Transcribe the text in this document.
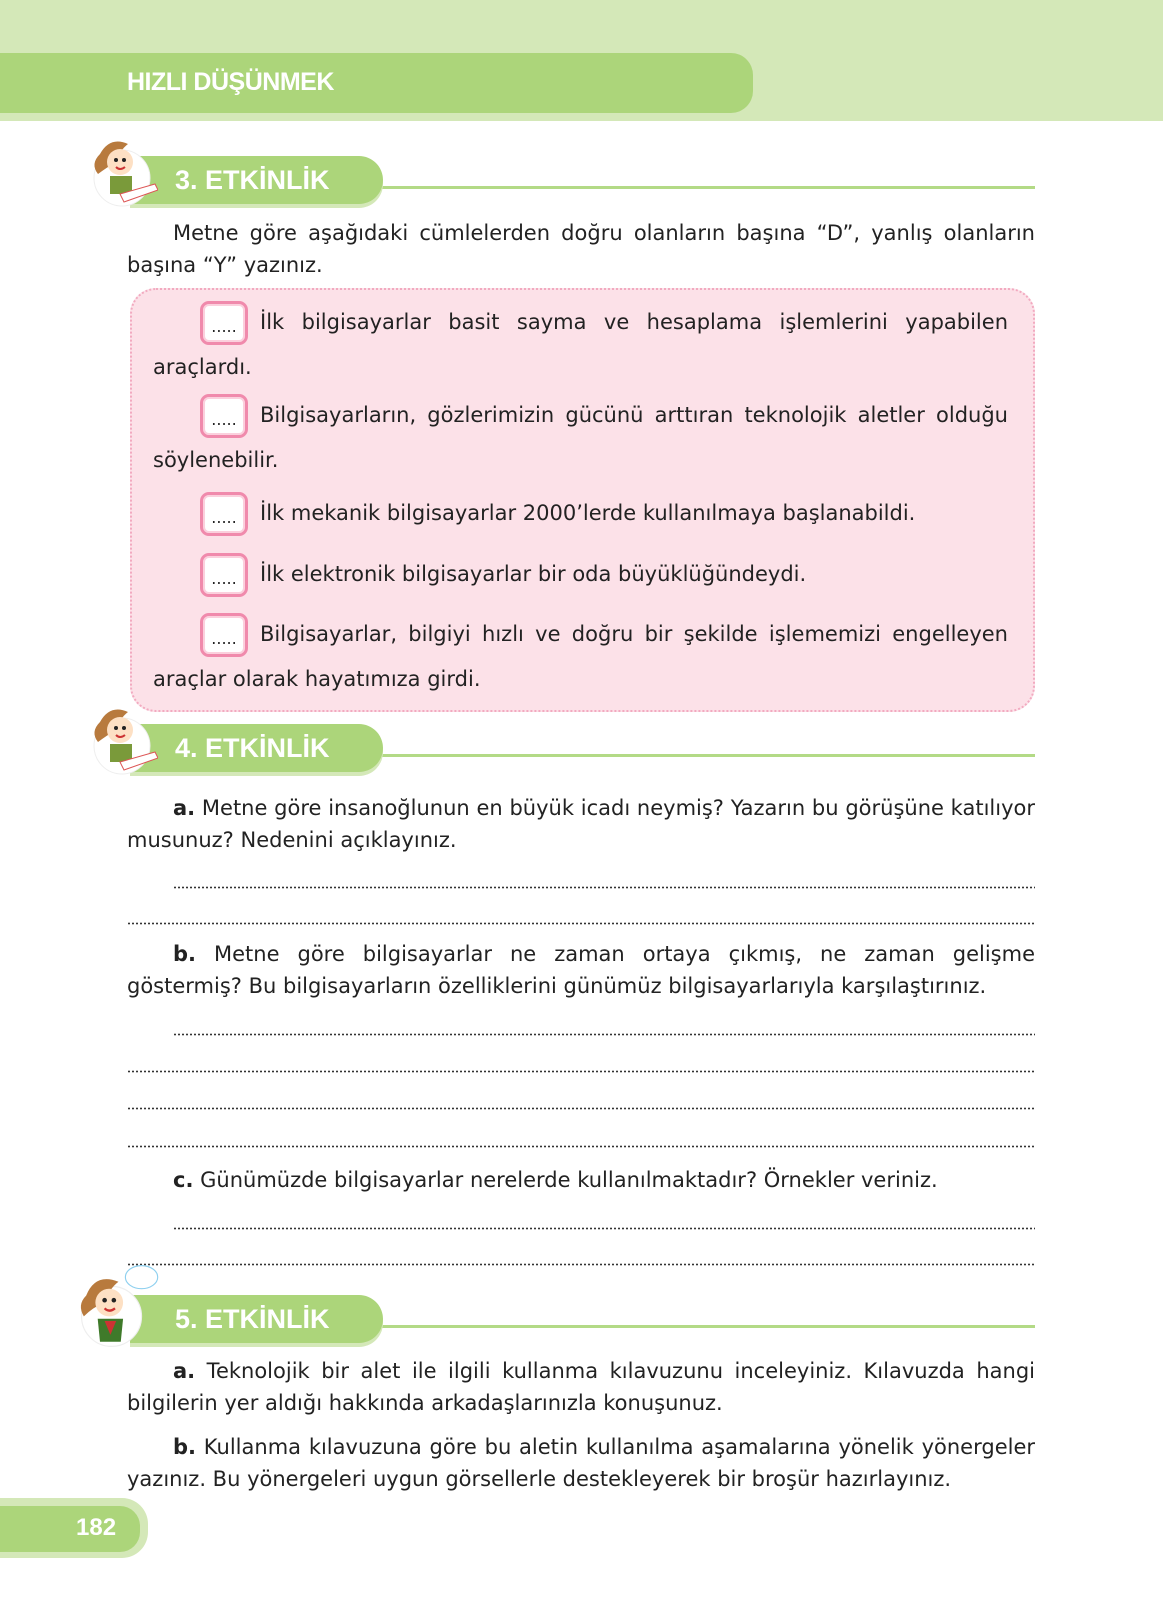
HIZLI DÜŞÜNMEK
3. ETKİNLİK
Metne göre aşağıdaki cümlelerden doğru olanların başına “D”, yanlış olanların başına “Y” yazınız.
..... İlk bilgisayarlar basit sayma ve hesaplama işlemlerini yapabilen araçlardı.
..... Bilgisayarların, gözlerimizin gücünü arttıran teknolojik aletler olduğu söylenebilir.
..... İlk mekanik bilgisayarlar 2000’lerde kullanılmaya başlanabildi.
..... İlk elektronik bilgisayarlar bir oda büyüklüğündeydi.
..... Bilgisayarlar, bilgiyi hızlı ve doğru bir şekilde işlememizi engelleyen araçlar olarak hayatımıza girdi.
4. ETKİNLİK
a. Metne göre insanoğlunun en büyük icadı neymiş? Yazarın bu görüşüne katılıyor musunuz? Nedenini açıklayınız.
b. Metne göre bilgisayarlar ne zaman ortaya çıkmış, ne zaman gelişme göstermiş? Bu bilgisayarların özelliklerini günümüz bilgisayarlarıyla karşılaştırınız.
c. Günümüzde bilgisayarlar nerelerde kullanılmaktadır? Örnekler veriniz.
5. ETKİNLİK
a. Teknolojik bir alet ile ilgili kullanma kılavuzunu inceleyiniz. Kılavuzda hangi bilgilerin yer aldığı hakkında arkadaşlarınızla konuşunuz.
b. Kullanma kılavuzuna göre bu aletin kullanılma aşamalarına yönelik yönergeler yazınız. Bu yönergeleri uygun görsellerle destekleyerek bir broşür hazırlayınız.
182
